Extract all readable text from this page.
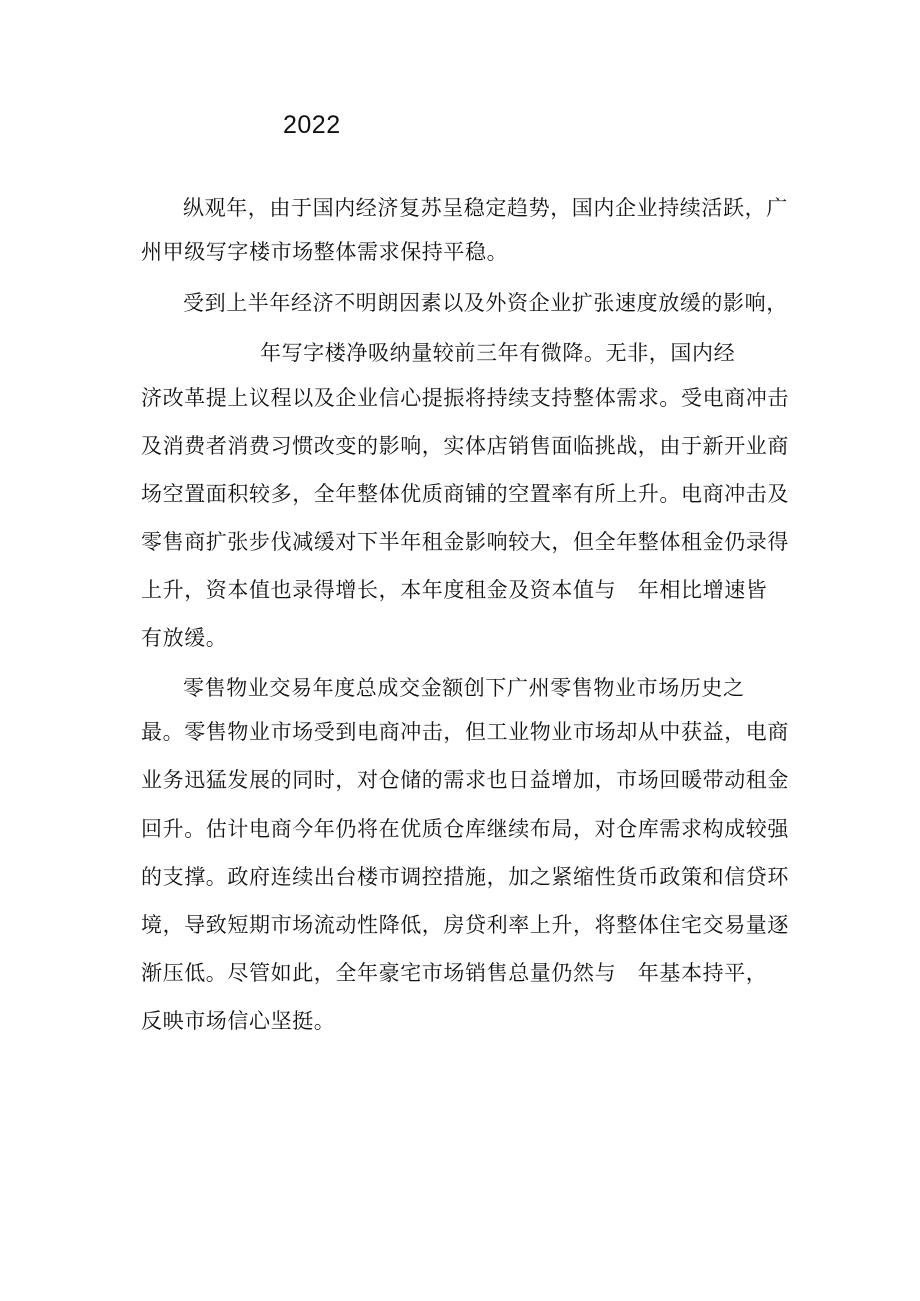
2022
纵观年，由于国内经济复苏呈稳定趋势，国内企业持续活跃，广
州甲级写字楼市场整体需求保持平稳。
受到上半年经济不明朗因素以及外资企业扩张速度放缓的影响，
年写字楼净吸纳量较前三年有微降。无非，国内经
济改革提上议程以及企业信心提振将持续支持整体需求。受电商冲击
及消费者消费习惯改变的影响，实体店销售面临挑战，由于新开业商
场空置面积较多，全年整体优质商铺的空置率有所上升。电商冲击及
零售商扩张步伐减缓对下半年租金影响较大，但全年整体租金仍录得
上升，资本值也录得增长，本年度租金及资本值与　年相比增速皆
有放缓。
零售物业交易年度总成交金额创下广州零售物业市场历史之
最。零售物业市场受到电商冲击，但工业物业市场却从中获益，电商
业务迅猛发展的同时，对仓储的需求也日益增加，市场回暖带动租金
回升。估计电商今年仍将在优质仓库继续布局，对仓库需求构成较强
的支撑。政府连续出台楼市调控措施，加之紧缩性货币政策和信贷环
境，导致短期市场流动性降低，房贷利率上升，将整体住宅交易量逐
渐压低。尽管如此，全年豪宅市场销售总量仍然与　年基本持平，
反映市场信心坚挺。
